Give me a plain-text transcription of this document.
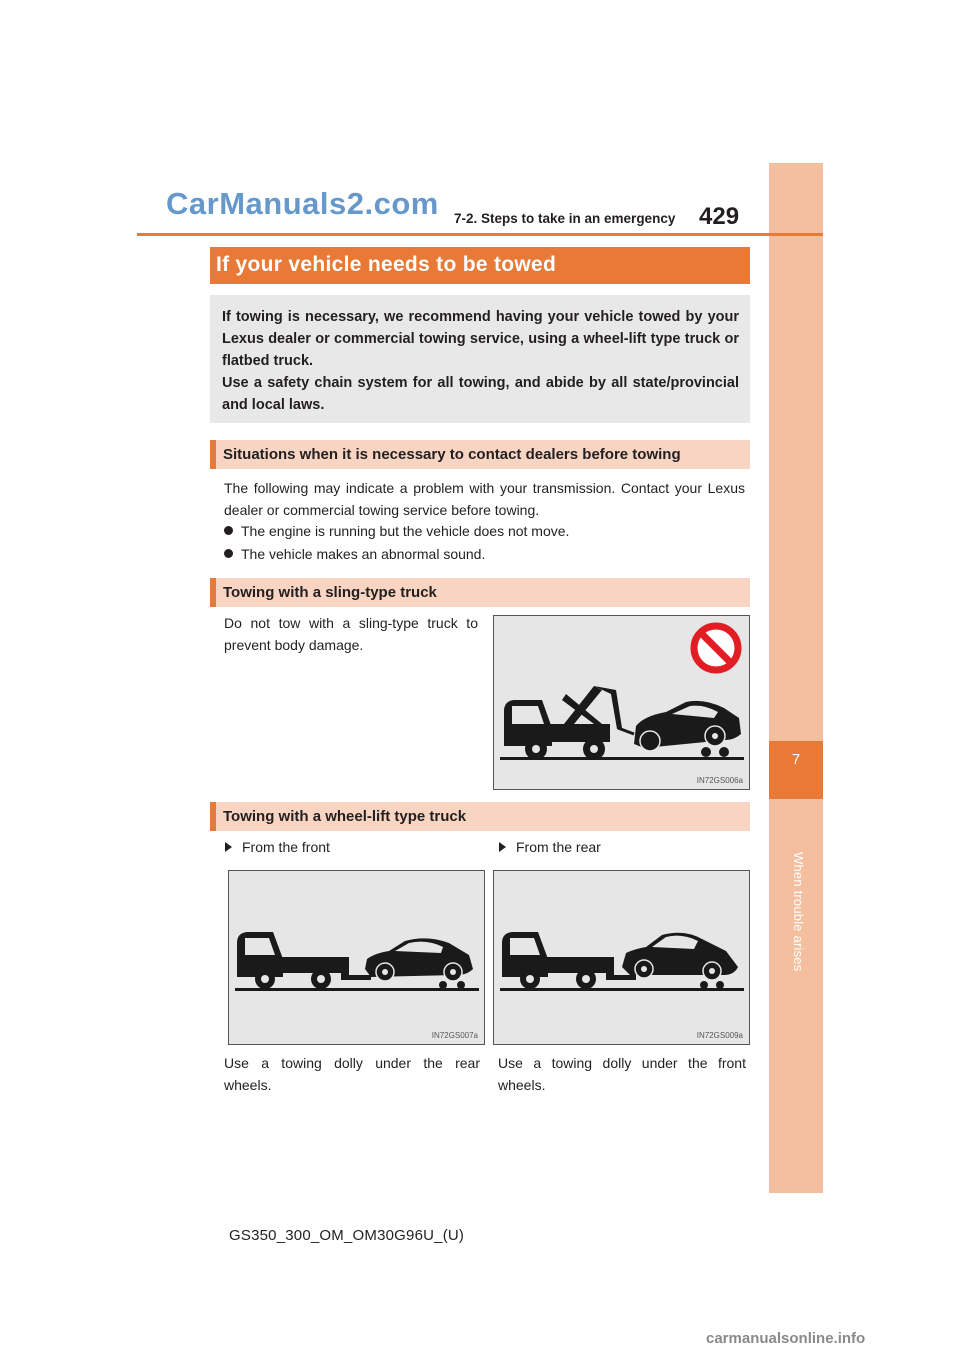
7
When trouble arises
CarManuals2.com 7-2. Steps to take in an emergency 429
If your vehicle needs to be towed
If towing is necessary, we recommend having your vehicle towed by your Lexus dealer or commercial towing service, using a wheel-lift type truck or flatbed truck.
Use a safety chain system for all towing, and abide by all state/provincial and local laws.
Situations when it is necessary to contact dealers before towing
The following may indicate a problem with your transmission. Contact your Lexus dealer or commercial towing service before towing.
The engine is running but the vehicle does not move.
The vehicle makes an abnormal sound.
Towing with a sling-type truck
Do not tow with a sling-type truck to prevent body damage.
IN72GS006a
Towing with a wheel-lift type truck
From the front	From the rear
IN72GS007a	IN72GS009a
Use a towing dolly under the rear wheels.
Use a towing dolly under the front wheels.
GS350_300_OM_OM30G96U_(U)
carmanualsonline.info
